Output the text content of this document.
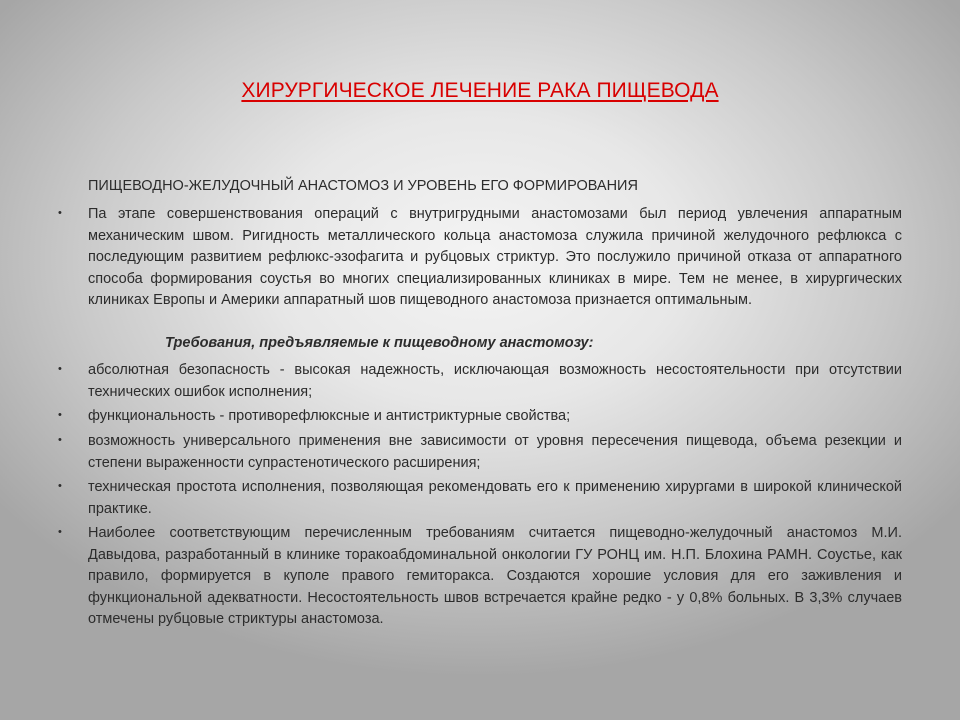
ХИРУРГИЧЕСКОЕ ЛЕЧЕНИЕ РАКА ПИЩЕВОДА

ПИЩЕВОДНО-ЖЕЛУДОЧНЫЙ АНАСТОМОЗ И УРОВЕНЬ ЕГО ФОРМИРОВАНИЯ

• Па этапе совершенствования операций с внутригрудными анастомозами был период увлечения аппаратным механическим швом. Ригидность металлического кольца анастомоза служила причиной желудочного рефлюкса с последующим развитием рефлюкс-эзофагита и рубцовых стриктур. Это послужило причиной отказа от аппаратного способа формирования соустья во многих специализированных клиниках в мире. Тем не менее, в хирургических клиниках Европы и Америки аппаратный шов пищеводного анастомоза признается оптимальным.

Требования, предъявляемые к пищеводному анастомозу:

• абсолютная безопасность - высокая надежность, исключающая возможность несостоятельности при отсутствии технических ошибок исполнения;

• функциональность - противорефлюксные и антистриктурные свойства;

• возможность универсального применения вне зависимости от уровня пересечения пищевода, объема резекции и степени выраженности супрастенотического расширения;

• техническая простота исполнения, позволяющая рекомендовать его к применению хирургами в широкой клинической практике.

• Наиболее соответствующим перечисленным требованиям считается пищеводно-желудочный анастомоз М.И. Давыдова, разработанный в клинике торакоабдоминальной онкологии ГУ РОНЦ им. Н.П. Блохина РАМН. Соустье, как правило, формируется в куполе правого гемиторакса. Создаются хорошие условия для его заживления и функциональной адекватности. Несостоятельность швов встречается крайне редко - у 0,8% больных. В 3,3% случаев отмечены рубцовые стриктуры анастомоза.
